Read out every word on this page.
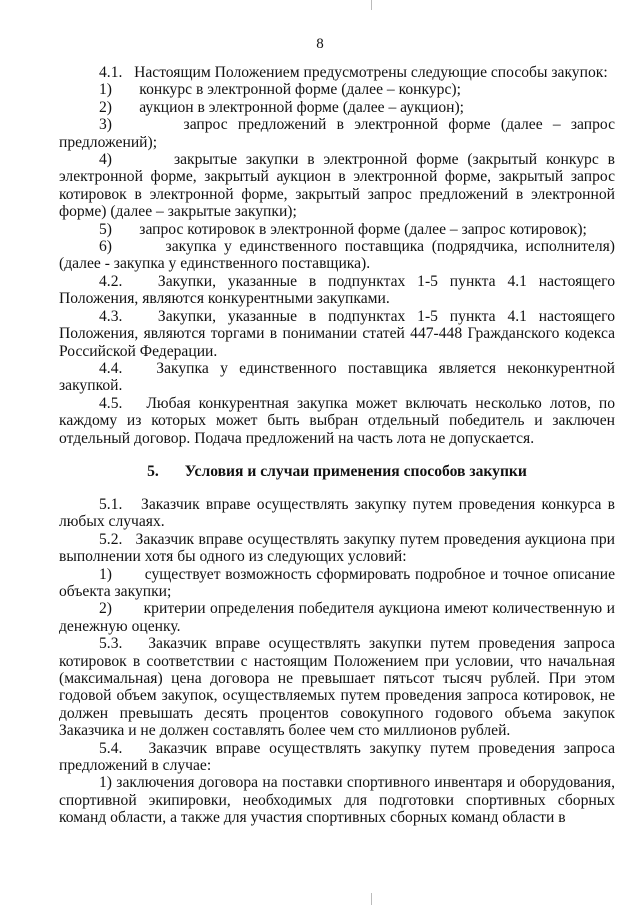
8

4.1.   Настоящим Положением предусмотрены следующие способы закупок:

1)       конкурс в электронной форме (далее – конкурс);

2)       аукцион в электронной форме (далее – аукцион);

3)       запрос предложений в электронной форме (далее – запрос предложений);

4)       закрытые закупки в электронной форме (закрытый конкурс в электронной форме, закрытый аукцион в электронной форме, закрытый запрос котировок в электронной форме, закрытый запрос предложений в электронной форме) (далее – закрытые закупки);

5)       запрос котировок в электронной форме (далее – запрос котировок);

6)       закупка у единственного поставщика (подрядчика, исполнителя) (далее - закупка у единственного поставщика).

4.2.   Закупки, указанные в подпунктах 1-5 пункта 4.1 настоящего Положения, являются конкурентными закупками.

4.3.   Закупки, указанные в подпунктах 1-5 пункта 4.1 настоящего Положения, являются торгами в понимании статей 447-448 Гражданского кодекса Российской Федерации.

4.4.   Закупка у единственного поставщика является неконкурентной закупкой.

4.5.   Любая конкурентная закупка может включать несколько лотов, по каждому из которых может быть выбран отдельный победитель и заключен отдельный договор. Подача предложений на часть лота не допускается.

5. Условия и случаи применения способов закупки

5.1.   Заказчик вправе осуществлять закупку путем проведения конкурса в любых случаях.

5.2.   Заказчик вправе осуществлять закупку путем проведения аукциона при выполнении хотя бы одного из следующих условий:

1)       существует возможность сформировать подробное и точное описание объекта закупки;

2)       критерии определения победителя аукциона имеют количественную и денежную оценку.

5.3.   Заказчик вправе осуществлять закупки путем проведения запроса котировок в соответствии с настоящим Положением при условии, что начальная (максимальная) цена договора не превышает пятьсот тысяч рублей. При этом годовой объем закупок, осуществляемых путем проведения запроса котировок, не должен превышать десять процентов совокупного годового объема закупок Заказчика и не должен составлять более чем сто миллионов рублей.

5.4.   Заказчик вправе осуществлять закупку путем проведения запроса предложений в случае:

1) заключения договора на поставки спортивного инвентаря и оборудования, спортивной экипировки, необходимых для подготовки спортивных сборных команд области, а также для участия спортивных сборных команд области в
